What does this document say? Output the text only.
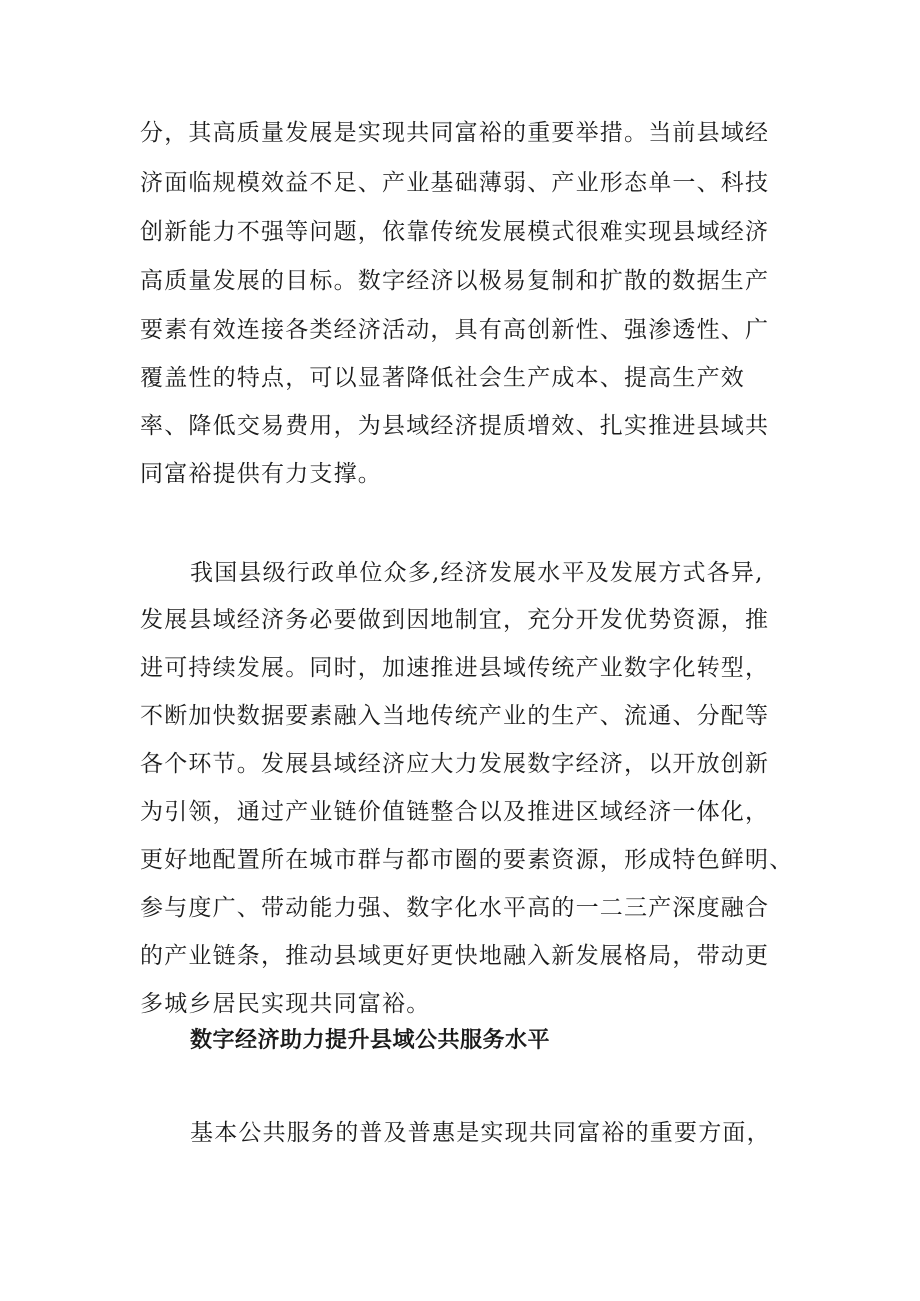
分，其高质量发展是实现共同富裕的重要举措。当前县域经
济面临规模效益不足、产业基础薄弱、产业形态单一、科技
创新能力不强等问题，依靠传统发展模式很难实现县域经济
高质量发展的目标。数字经济以极易复制和扩散的数据生产
要素有效连接各类经济活动，具有高创新性、强渗透性、广
覆盖性的特点，可以显著降低社会生产成本、提高生产效
率、降低交易费用，为县域经济提质增效、扎实推进县域共
同富裕提供有力支撑。
我国县级行政单位众多,经济发展水平及发展方式各异,
发展县域经济务必要做到因地制宜，充分开发优势资源，推
进可持续发展。同时，加速推进县域传统产业数字化转型，
不断加快数据要素融入当地传统产业的生产、流通、分配等
各个环节。发展县域经济应大力发展数字经济，以开放创新
为引领，通过产业链价值链整合以及推进区域经济一体化，
更好地配置所在城市群与都市圈的要素资源，形成特色鲜明、
参与度广、带动能力强、数字化水平高的一二三产深度融合
的产业链条，推动县域更好更快地融入新发展格局，带动更
多城乡居民实现共同富裕。
数字经济助力提升县域公共服务水平
基本公共服务的普及普惠是实现共同富裕的重要方面，
